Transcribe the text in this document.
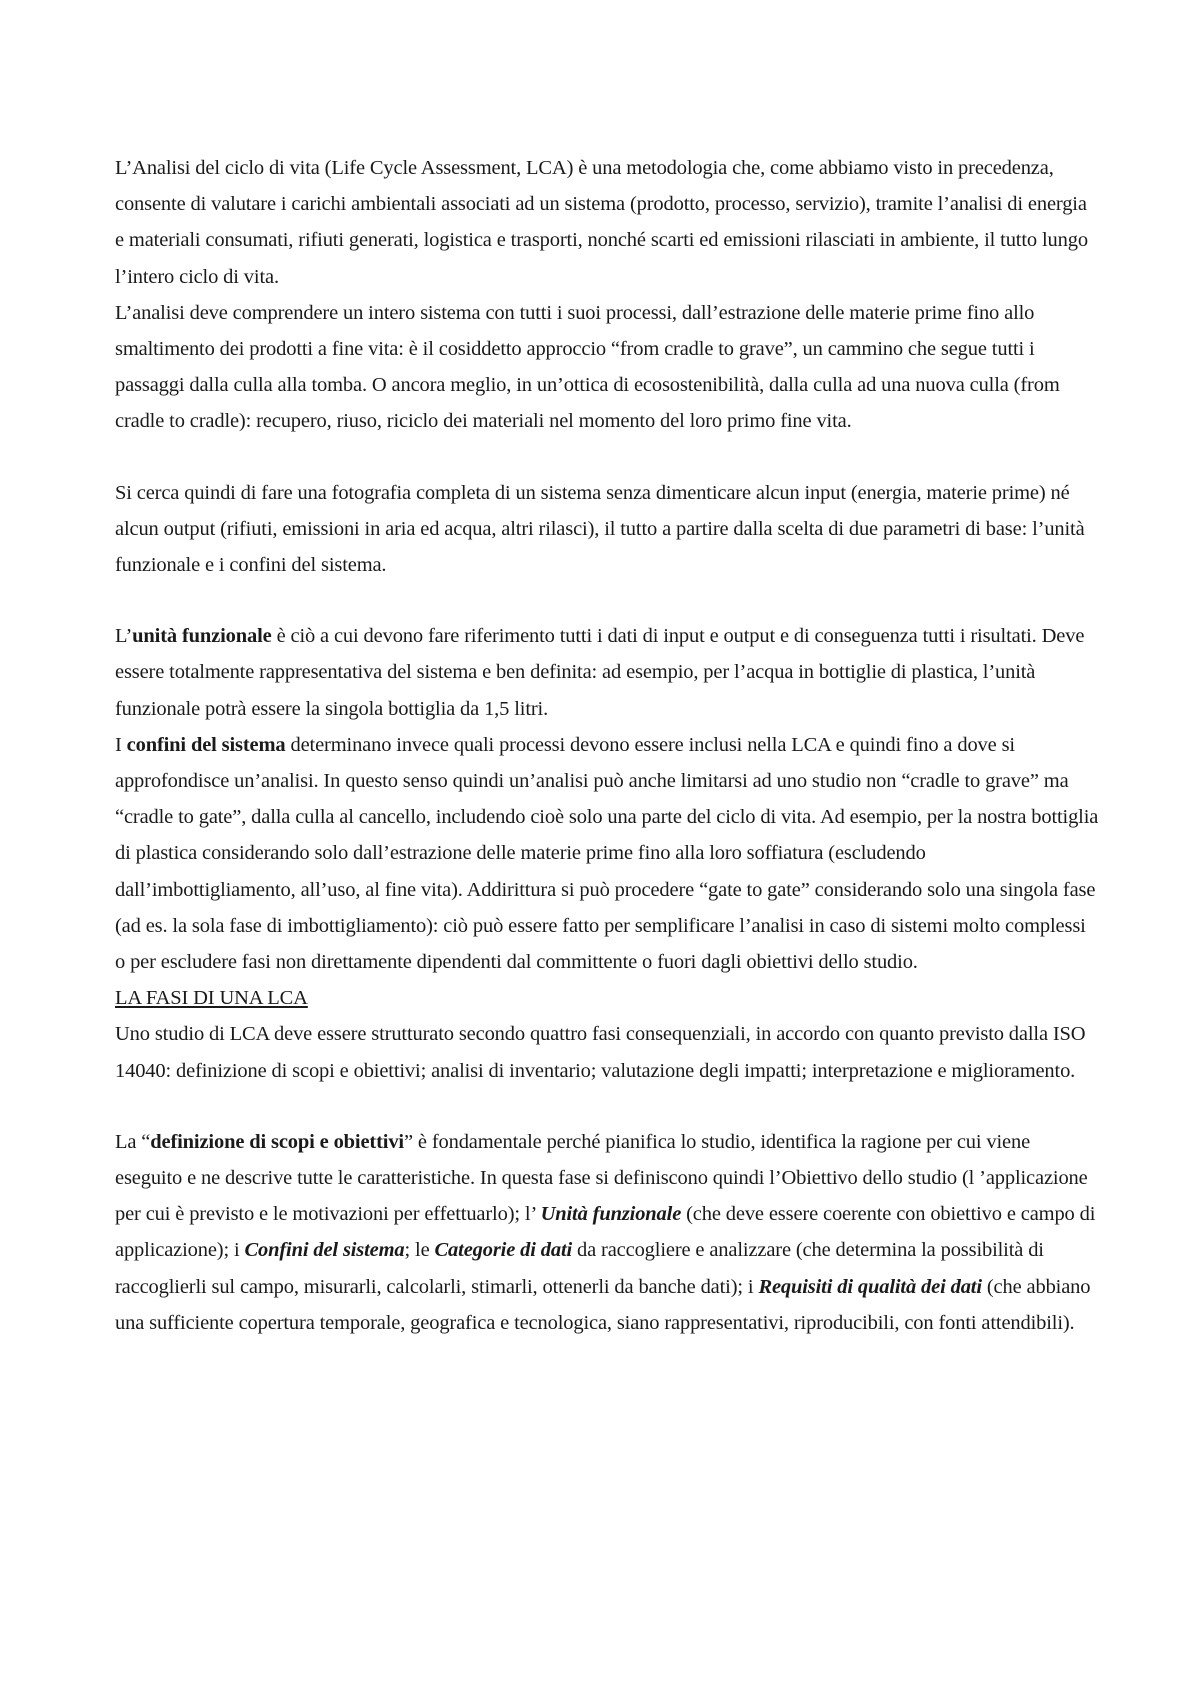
L’Analisi del ciclo di vita (Life Cycle Assessment, LCA) è una metodologia che, come abbiamo visto in precedenza, consente di valutare i carichi ambientali associati ad un sistema (prodotto, processo, servizio), tramite l’analisi di energia e materiali consumati, rifiuti generati, logistica e trasporti, nonché scarti ed emissioni rilasciati in ambiente, il tutto lungo l’intero ciclo di vita.

L’analisi deve comprendere un intero sistema con tutti i suoi processi, dall’estrazione delle materie prime fino allo smaltimento dei prodotti a fine vita: è il cosiddetto approccio “from cradle to grave”, un cammino che segue tutti i passaggi dalla culla alla tomba. O ancora meglio, in un’ottica di ecosostenibilità, dalla culla ad una nuova culla (from cradle to cradle): recupero, riuso, riciclo dei materiali nel momento del loro primo fine vita.

Si cerca quindi di fare una fotografia completa di un sistema senza dimenticare alcun input (energia, materie prime) né alcun output (rifiuti, emissioni in aria ed acqua, altri rilasci), il tutto a partire dalla scelta di due parametri di base: l’unità funzionale e i confini del sistema.

L’unità funzionale è ciò a cui devono fare riferimento tutti i dati di input e output e di conseguenza tutti i risultati. Deve essere totalmente rappresentativa del sistema e ben definita: ad esempio, per l’acqua in bottiglie di plastica, l’unità funzionale potrà essere la singola bottiglia da 1,5 litri.

I confini del sistema determinano invece quali processi devono essere inclusi nella LCA e quindi fino a dove si approfondisce un’analisi. In questo senso quindi un’analisi può anche limitarsi ad uno studio non “cradle to grave” ma “cradle to gate”, dalla culla al cancello, includendo cioè solo una parte del ciclo di vita. Ad esempio, per la nostra bottiglia di plastica considerando solo dall’estrazione delle materie prime fino alla loro soffiatura (escludendo dall’imbottigliamento, all’uso, al fine vita). Addirittura si può procedere “gate to gate” considerando solo una singola fase (ad es. la sola fase di imbottigliamento): ciò può essere fatto per semplificare l’analisi in caso di sistemi molto complessi o per escludere fasi non direttamente dipendenti dal committente o fuori dagli obiettivi dello studio.

LA FASI DI UNA LCA

Uno studio di LCA deve essere strutturato secondo quattro fasi consequenziali, in accordo con quanto previsto dalla ISO 14040: definizione di scopi e obiettivi; analisi di inventario; valutazione degli impatti; interpretazione e miglioramento.

La “definizione di scopi e obiettivi” è fondamentale perché pianifica lo studio, identifica la ragione per cui viene eseguito e ne descrive tutte le caratteristiche. In questa fase si definiscono quindi l’Obiettivo dello studio (l ’applicazione per cui è previsto e le motivazioni per effettuarlo); l’ Unità funzionale (che deve essere coerente con obiettivo e campo di applicazione); i Confini del sistema; le Categorie di dati da raccogliere e analizzare (che determina la possibilità di raccoglierli sul campo, misurarli, calcolarli, stimarli, ottenerli da banche dati); i Requisiti di qualità dei dati (che abbiano una sufficiente copertura temporale, geografica e tecnologica, siano rappresentativi, riproducibili, con fonti attendibili).
